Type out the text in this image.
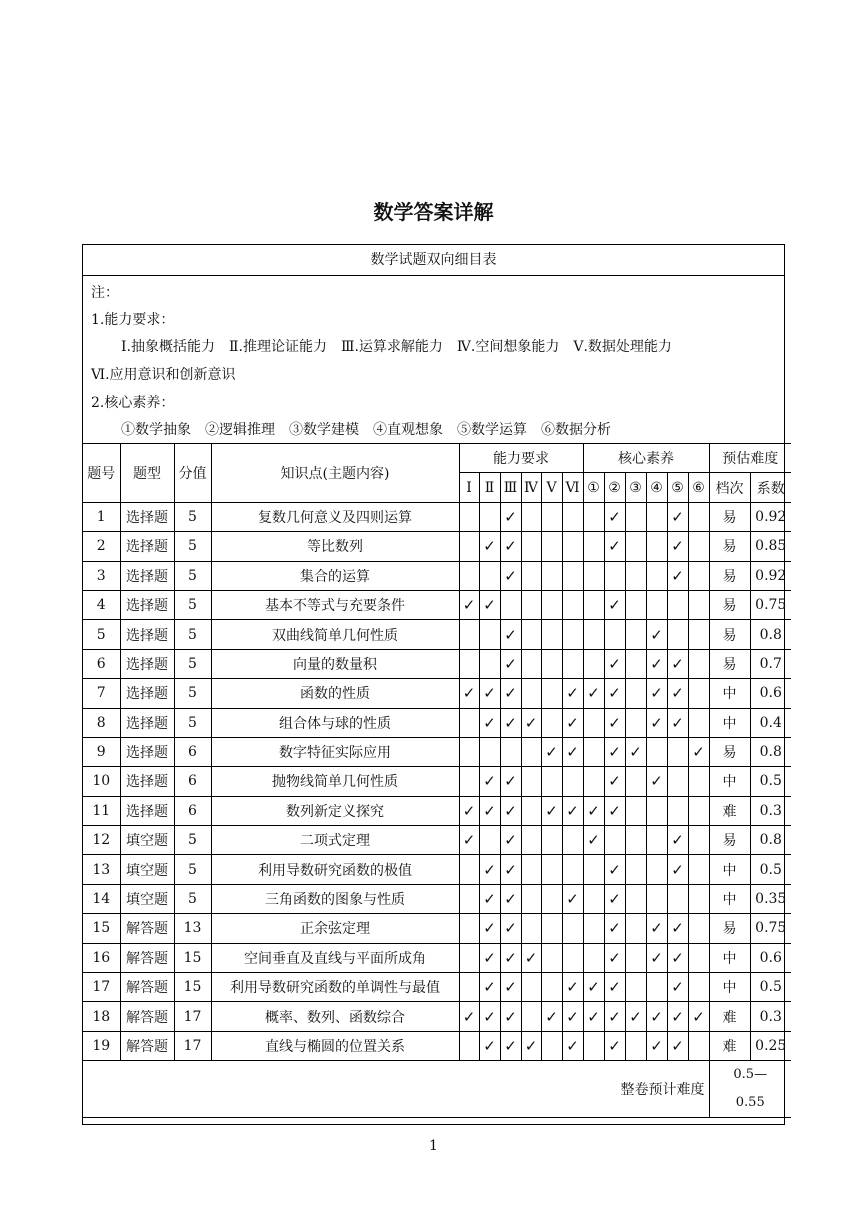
数学答案详解
数学试题双向细目表
注：
1.能力要求：
Ⅰ.抽象概括能力　Ⅱ.推理论证能力　Ⅲ.运算求解能力　Ⅳ.空间想象能力　Ⅴ.数据处理能力
Ⅵ.应用意识和创新意识
2.核心素养：
①数学抽象　②逻辑推理　③数学建模　④直观想象　⑤数学运算　⑥数据分析
题号	题型	分值	知识点(主题内容)	能力要求						核心素养						预估难度	
				Ⅰ	Ⅱ	Ⅲ	Ⅳ	Ⅴ	Ⅵ	①	②	③	④	⑤	⑥	档次	系数
1	选择题	5	复数几何意义及四则运算			✓					✓			✓		易	0.92
2	选择题	5	等比数列		✓	✓					✓			✓		易	0.85
3	选择题	5	集合的运算			✓								✓		易	0.92
4	选择题	5	基本不等式与充要条件	✓	✓						✓					易	0.75
5	选择题	5	双曲线简单几何性质			✓							✓			易	0.8
6	选择题	5	向量的数量积			✓					✓		✓	✓		易	0.7
7	选择题	5	函数的性质	✓	✓	✓			✓	✓	✓		✓	✓		中	0.6
8	选择题	5	组合体与球的性质		✓	✓	✓		✓		✓		✓	✓		中	0.4
9	选择题	6	数字特征实际应用					✓	✓		✓	✓			✓	易	0.8
10	选择题	6	抛物线简单几何性质		✓	✓					✓		✓			中	0.5
11	选择题	6	数列新定义探究	✓	✓	✓		✓	✓	✓	✓					难	0.3
12	填空题	5	二项式定理	✓		✓				✓				✓		易	0.8
13	填空题	5	利用导数研究函数的极值		✓	✓					✓			✓		中	0.5
14	填空题	5	三角函数的图象与性质		✓	✓			✓		✓					中	0.35
15	解答题	13	正余弦定理		✓	✓					✓		✓	✓		易	0.75
16	解答题	15	空间垂直及直线与平面所成角		✓	✓	✓				✓		✓	✓		中	0.6
17	解答题	15	利用导数研究函数的单调性与最值		✓	✓			✓	✓	✓			✓		中	0.5
18	解答题	17	概率、数列、函数综合	✓	✓	✓		✓	✓	✓	✓	✓	✓	✓	✓	难	0.3
19	解答题	17	直线与椭圆的位置关系		✓	✓	✓		✓		✓		✓	✓		难	0.25
整卷预计难度																0.5—
0.55	
1
